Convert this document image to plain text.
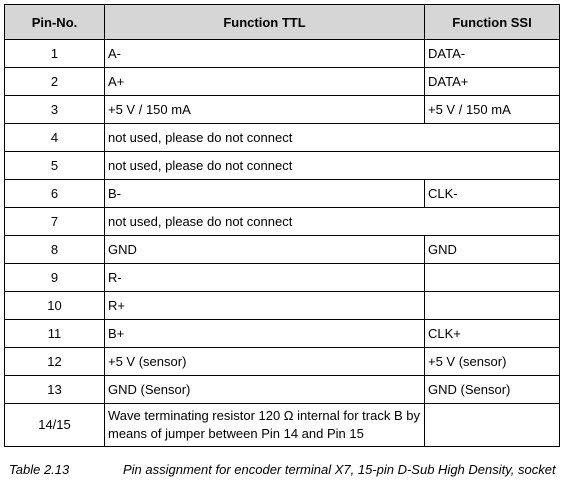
Pin-No.	Function TTL	Function SSI
1	A-	DATA-
2	A+	DATA+
3	+5 V / 150 mA	+5 V / 150 mA
4	not used, please do not connect	
5	not used, please do not connect	
6	B-	CLK-
7	not used, please do not connect	
8	GND	GND
9	R-	
10	R+	
11	B+	CLK+
12	+5 V (sensor)	+5 V (sensor)
13	GND (Sensor)	GND (Sensor)
14/15	Wave terminating resistor 120 Ω internal for track B by means of jumper between Pin 14 and Pin 15	
Table 2.13	Pin assignment for encoder terminal X7, 15-pin D-Sub High Density, socket
